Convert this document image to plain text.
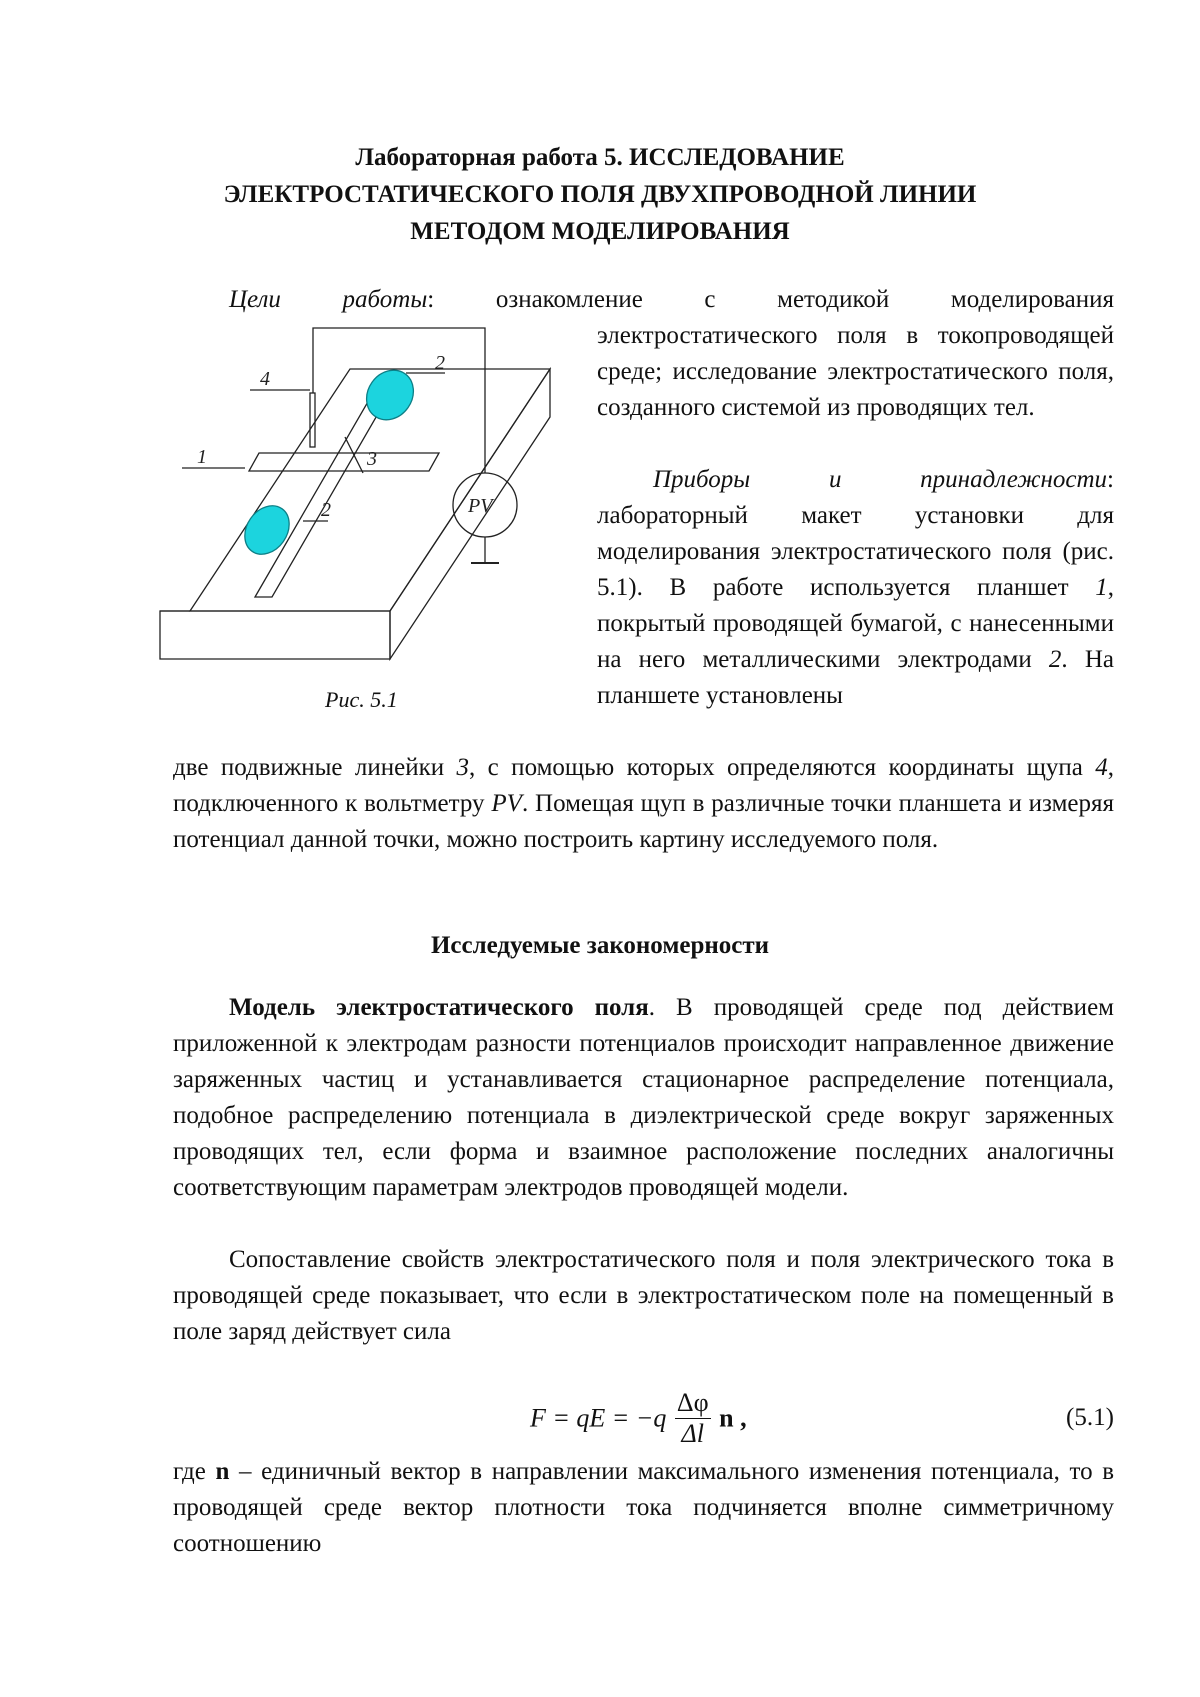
Лабораторная работа 5. ИССЛЕДОВАНИЕ
ЭЛЕКТРОСТАТИЧЕСКОГО ПОЛЯ ДВУХПРОВОДНОЙ ЛИНИИ
МЕТОДОМ МОДЕЛИРОВАНИЯ
Цели работы: ознакомление с методикой моделирования
электростатического поля в токопроводящей среде; исследование электростатического поля, созданного системой из проводящих тел.
Приборы и принадлежности: лабораторный макет установки для моделирования электростатического поля (рис. 5.1). В работе используется планшет 1, покрытый проводящей бумагой, с нанесенными на него металлическими электродами 2. На планшете установлены
две подвижные линейки 3, с помощью которых определяются координаты щупа 4, подключенного к вольтметру PV. Помещая щуп в различные точки планшета и измеряя потенциал данной точки, можно построить картину исследуемого поля.
1
2
2
3
4
PV
Рис. 5.1
Исследуемые закономерности
Модель электростатического поля. В проводящей среде под действием приложенной к электродам разности потенциалов происходит направленное движение заряженных частиц и устанавливается стационарное распределение потенциала, подобное распределению потенциала в диэлектрической среде вокруг заряженных проводящих тел, если форма и взаимное расположение последних аналогичны соответствующим параметрам электродов проводящей модели.
Сопоставление свойств электростатического поля и поля электрического тока в проводящей среде показывает, что если в электростатическом поле на помещенный в поле заряд действует сила
F = qE = $-q \frac{\Delta\varphi}{\Delta l}$ n ,	(5.1)
где n – единичный вектор в направлении максимального изменения потенциала, то в проводящей среде вектор плотности тока подчиняется вполне симметричному соотношению
